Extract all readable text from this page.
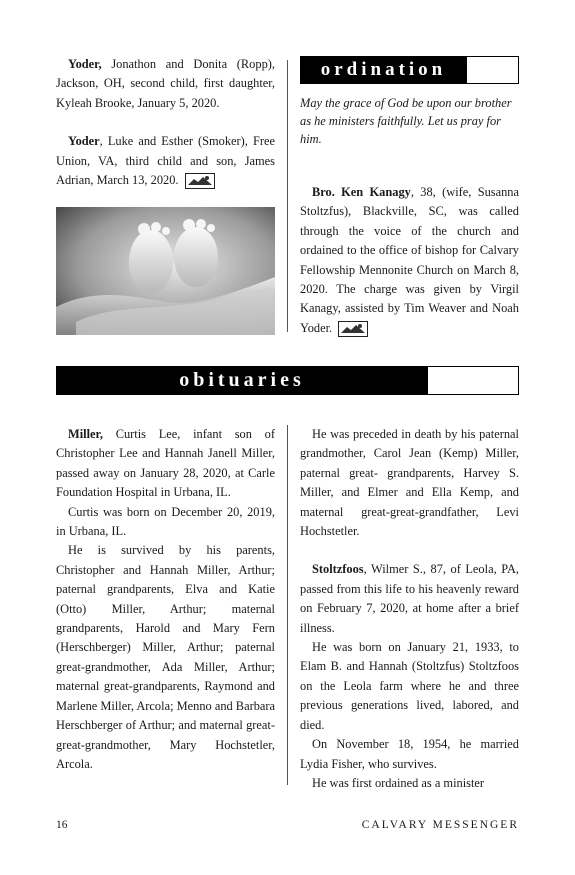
Yoder, Jonathon and Donita (Ropp), Jackson, OH, second child, first daughter, Kyleah Brooke, January 5, 2020.

Yoder, Luke and Esther (Smoker), Free Union, VA, third child and son, James Adrian, March 13, 2020.

ordination
May the grace of God be upon our brother as he ministers faithfully. Let us pray for him.

Bro. Ken Kanagy, 38, (wife, Susanna Stoltzfus), Blackville, SC, was called through the voice of the church and ordained to the office of bishop for Calvary Fellowship Mennonite Church on March 8, 2020. The charge was given by Virgil Kanagy, assisted by Tim Weaver and Noah Yoder.

obituaries

Miller, Curtis Lee, infant son of Christopher Lee and Hannah Janell Miller, passed away on January 28, 2020, at Carle Foundation Hospital in Urbana, IL.

Curtis was born on December 20, 2019, in Urbana, IL.

He is survived by his parents, Christopher and Hannah Miller, Arthur; paternal grandparents, Elva and Katie (Otto) Miller, Arthur; maternal grandparents, Harold and Mary Fern (Herschberger) Miller, Arthur; paternal great-grandmother, Ada Miller, Arthur; maternal great-grandparents, Raymond and Marlene Miller, Arcola; Menno and Barbara Herschberger of Arthur; and maternal great-great-grandmother, Mary Hochstetler, Arcola.

He was preceded in death by his paternal grandmother, Carol Jean (Kemp) Miller, paternal great- grandparents, Harvey S. Miller, and Elmer and Ella Kemp, and maternal great-great-grandfather, Levi Hochstetler.

Stoltzfoos, Wilmer S., 87, of Leola, PA, passed from this life to his heavenly reward on February 7, 2020, at home after a brief illness.

He was born on January 21, 1933, to Elam B. and Hannah (Stoltzfus) Stoltzfoos on the Leola farm where he and three previous generations lived, labored, and died.

On November 18, 1954, he married Lydia Fisher, who survives.

He was first ordained as a minister

16	CALVARY MESSENGER
